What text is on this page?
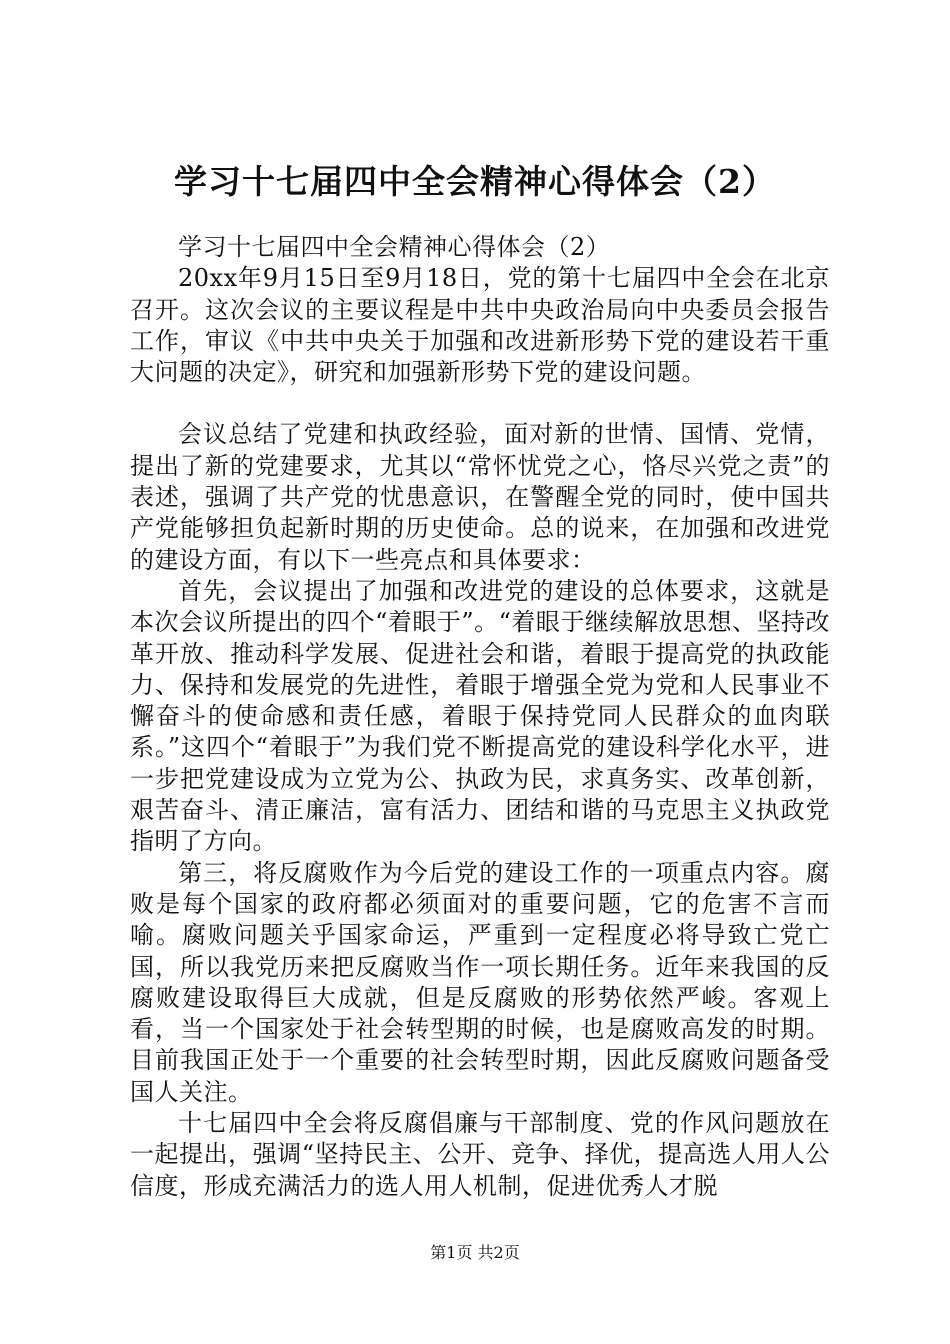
学习十七届四中全会精神心得体会（2）

学习十七届四中全会精神心得体会（2）

20xx年9月15日至9月18日，党的第十七届四中全会在北京召开。这次会议的主要议程是中共中央政治局向中央委员会报告工作，审议《中共中央关于加强和改进新形势下党的建设若干重大问题的决定》，研究和加强新形势下党的建设问题。

会议总结了党建和执政经验，面对新的世情、国情、党情，提出了新的党建要求，尤其以“常怀忧党之心，恪尽兴党之责”的表述，强调了共产党的忧患意识，在警醒全党的同时，使中国共产党能够担负起新时期的历史使命。总的说来，在加强和改进党的建设方面，有以下一些亮点和具体要求：

首先，会议提出了加强和改进党的建设的总体要求，这就是本次会议所提出的四个“着眼于”。“着眼于继续解放思想、坚持改革开放、推动科学发展、促进社会和谐，着眼于提高党的执政能力、保持和发展党的先进性，着眼于增强全党为党和人民事业不懈奋斗的使命感和责任感，着眼于保持党同人民群众的血肉联系。”这四个“着眼于”为我们党不断提高党的建设科学化水平，进一步把党建设成为立党为公、执政为民，求真务实、改革创新，艰苦奋斗、清正廉洁，富有活力、团结和谐的马克思主义执政党指明了方向。

第三，将反腐败作为今后党的建设工作的一项重点内容。腐败是每个国家的政府都必须面对的重要问题，它的危害不言而喻。腐败问题关乎国家命运，严重到一定程度必将导致亡党亡国，所以我党历来把反腐败当作一项长期任务。近年来我国的反腐败建设取得巨大成就，但是反腐败的形势依然严峻。客观上看，当一个国家处于社会转型期的时候，也是腐败高发的时期。目前我国正处于一个重要的社会转型时期，因此反腐败问题备受国人关注。

十七届四中全会将反腐倡廉与干部制度、党的作风问题放在一起提出，强调“坚持民主、公开、竞争、择优，提高选人用人公信度，形成充满活力的选人用人机制，促进优秀人才脱

第1页 共2页
